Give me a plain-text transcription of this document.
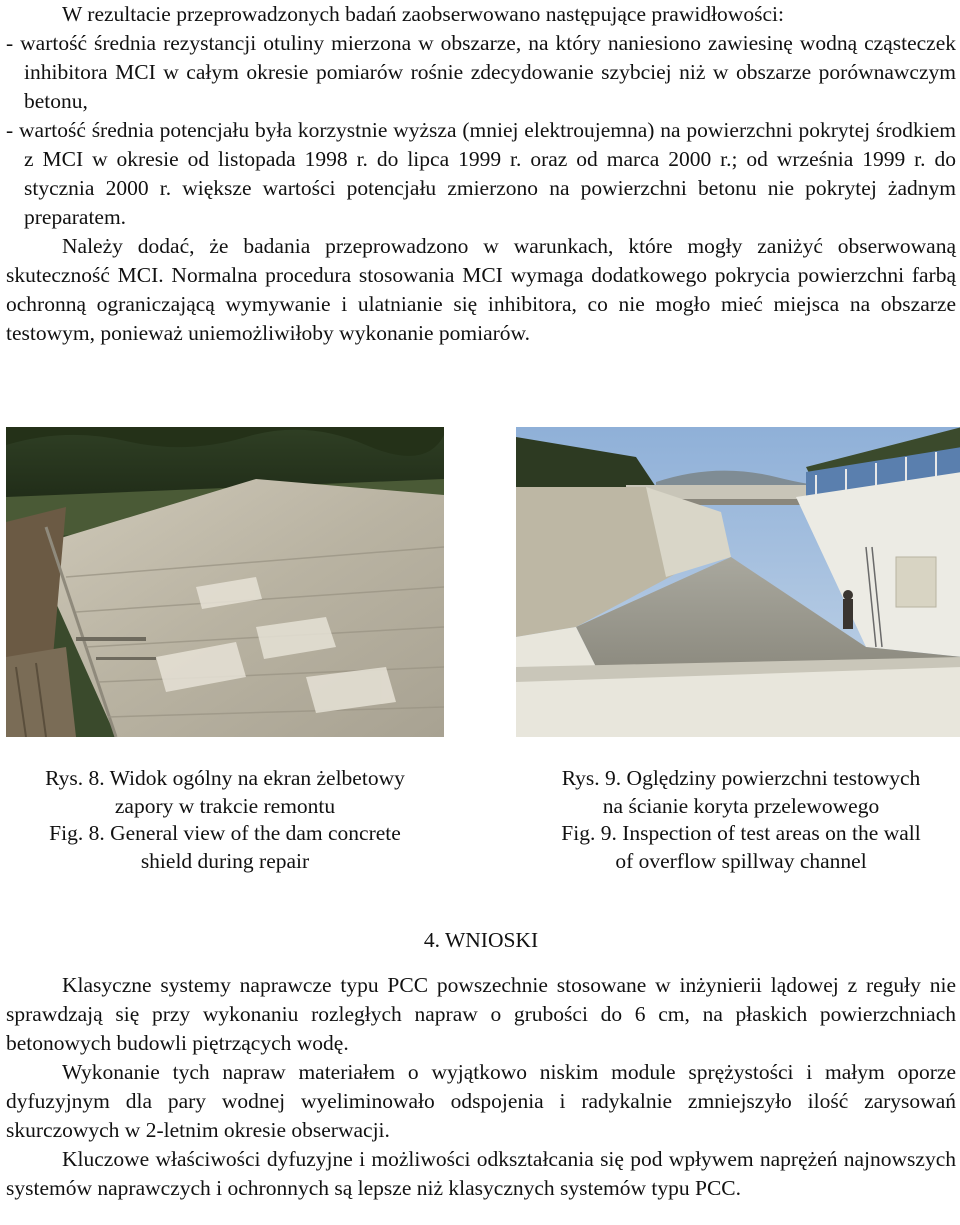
W rezultacie przeprowadzonych badań zaobserwowano następujące prawidłowości:

- wartość średnia rezystancji otuliny mierzona w obszarze, na który naniesiono zawiesinę wodną cząsteczek inhibitora MCI w całym okresie pomiarów rośnie zdecydowanie szybciej niż w obszarze porównawczym betonu,

- wartość średnia potencjału była korzystnie wyższa (mniej elektroujemna) na powierzchni pokrytej środkiem z MCI w okresie od listopada 1998 r. do lipca 1999 r. oraz od marca 2000 r.; od września 1999 r. do stycznia 2000 r. większe wartości potencjału zmierzono na powierzchni betonu nie pokrytej żadnym preparatem.

Należy dodać, że badania przeprowadzono w warunkach, które mogły zaniżyć obserwowaną skuteczność MCI. Normalna procedura stosowania MCI wymaga dodatkowego pokrycia powierzchni farbą ochronną ograniczającą wymywanie i ulatnianie się inhibitora, co nie mogło mieć miejsca na obszarze testowym, ponieważ uniemożliwiłoby wykonanie pomiarów.

Rys. 8. Widok ogólny na ekran żelbetowy
zapory w trakcie remontu
Fig. 8. General view of the dam concrete
shield during repair
Rys. 9. Oględziny powierzchni testowych
na ścianie koryta przelewowego
Fig. 9. Inspection of test areas on the wall
of overflow spillway channel
4. WNIOSKI

Klasyczne systemy naprawcze typu PCC powszechnie stosowane w inżynierii lądowej z reguły nie sprawdzają się przy wykonaniu rozległych napraw o grubości do 6 cm, na płaskich powierzchniach betonowych budowli piętrzących wodę.

Wykonanie tych napraw materiałem o wyjątkowo niskim module sprężystości i małym oporze dyfuzyjnym dla pary wodnej wyeliminowało odspojenia i radykalnie zmniejszyło ilość zarysowań skurczowych w 2-letnim okresie obserwacji.

Kluczowe właściwości dyfuzyjne i możliwości odkształcania się pod wpływem naprężeń najnowszych systemów naprawczych i ochronnych są lepsze niż klasycznych systemów typu PCC.
